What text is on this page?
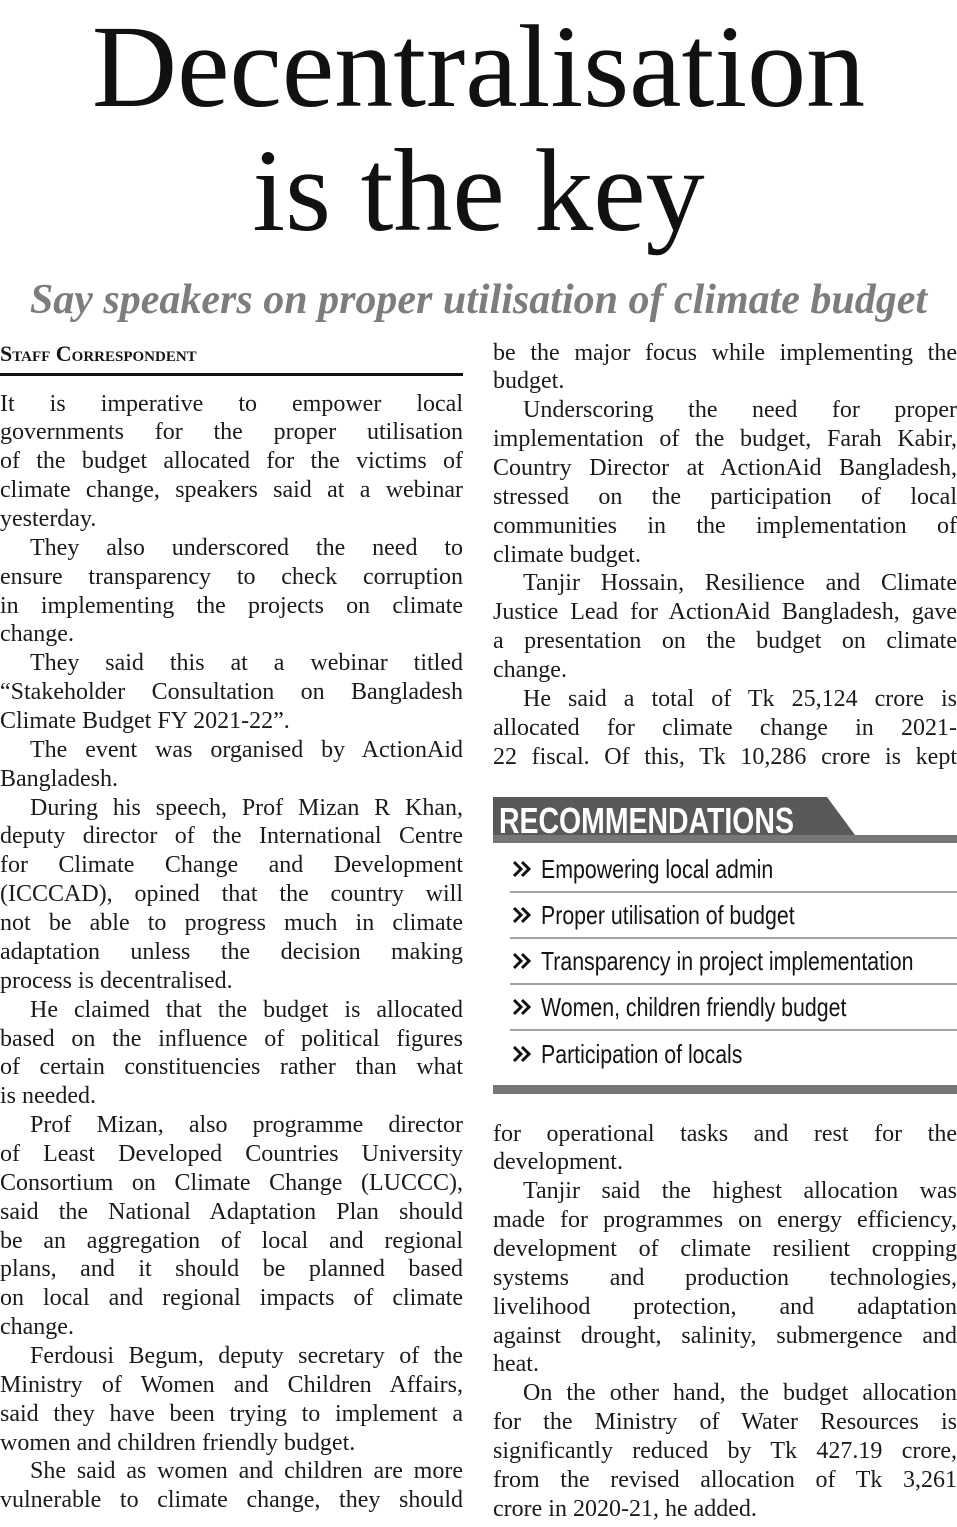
Decentralisation
is the key
Say speakers on proper utilisation of climate budget
Staff Correspondent
It is imperative to empower local
governments for the proper utilisation
of the budget allocated for the victims of
climate change, speakers said at a webinar
yesterday.
They also underscored the need to
ensure transparency to check corruption
in implementing the projects on climate
change.
They said this at a webinar titled
“Stakeholder Consultation on Bangladesh
Climate Budget FY 2021-22”.
The event was organised by ActionAid
Bangladesh.
During his speech, Prof Mizan R Khan,
deputy director of the International Centre
for Climate Change and Development
(ICCCAD), opined that the country will
not be able to progress much in climate
adaptation unless the decision making
process is decentralised.
He claimed that the budget is allocated
based on the influence of political figures
of certain constituencies rather than what
is needed.
Prof Mizan, also programme director
of Least Developed Countries University
Consortium on Climate Change (LUCCC),
said the National Adaptation Plan should
be an aggregation of local and regional
plans, and it should be planned based
on local and regional impacts of climate
change.
Ferdousi Begum, deputy secretary of the
Ministry of Women and Children Affairs,
said they have been trying to implement a
women and children friendly budget.
She said as women and children are more
vulnerable to climate change, they should
be the major focus while implementing the
budget.
Underscoring the need for proper
implementation of the budget, Farah Kabir,
Country Director at ActionAid Bangladesh,
stressed on the participation of local
communities in the implementation of
climate budget.
Tanjir Hossain, Resilience and Climate
Justice Lead for ActionAid Bangladesh, gave
a presentation on the budget on climate
change.
He said a total of Tk 25,124 crore is
allocated for climate change in 2021-
22 fiscal. Of this, Tk 10,286 crore is kept
RECOMMENDATIONS
Empowering local admin
Proper utilisation of budget
Transparency in project implementation
Women, children friendly budget
Participation of locals
for operational tasks and rest for the
development.
Tanjir said the highest allocation was
made for programmes on energy efficiency,
development of climate resilient cropping
systems and production technologies,
livelihood protection, and adaptation
against drought, salinity, submergence and
heat.
On the other hand, the budget allocation
for the Ministry of Water Resources is
significantly reduced by Tk 427.19 crore,
from the revised allocation of Tk 3,261
crore in 2020-21, he added.
